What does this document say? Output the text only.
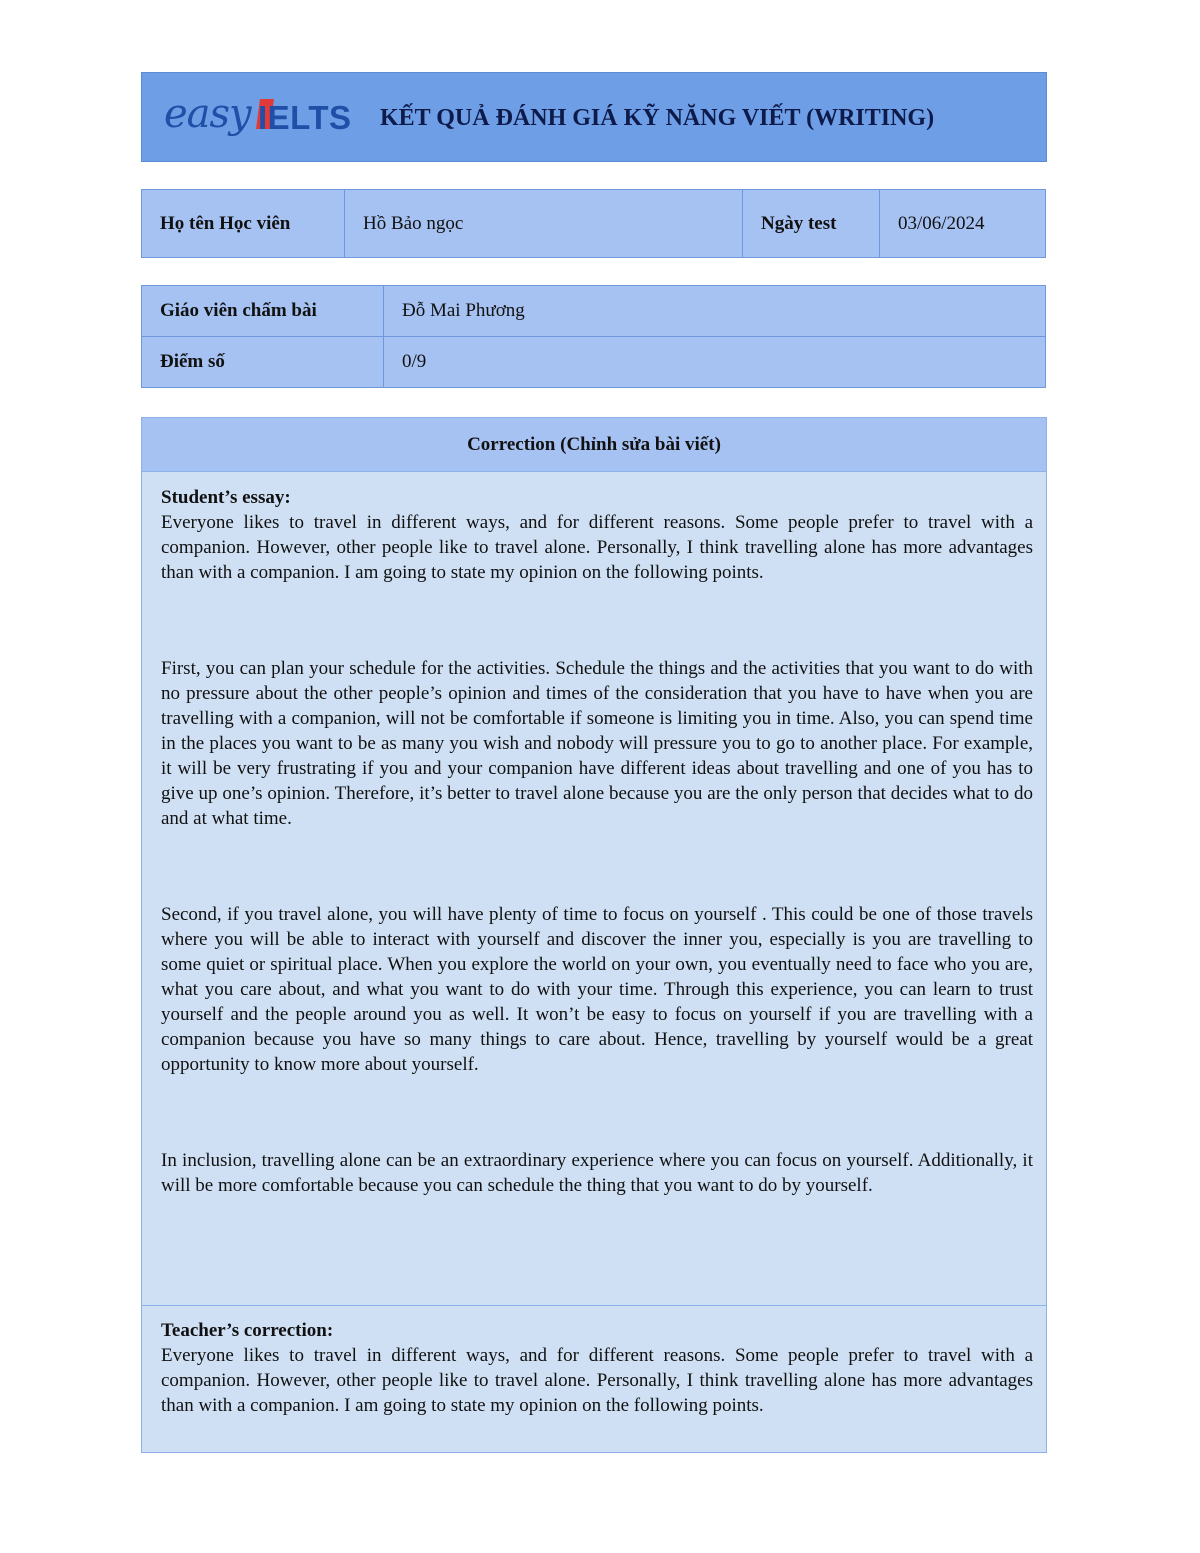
easy IELTS KẾT QUẢ ĐÁNH GIÁ KỸ NĂNG VIẾT (WRITING)
Họ tên Học viên	Hồ Bảo ngọc	Ngày test	03/06/2024
Giáo viên chấm bài	Đỗ Mai Phương
Điểm số	0/9
Correction (Chỉnh sửa bài viết)

Student’s essay:

Everyone likes to travel in different ways, and for different reasons. Some people prefer to travel with a companion. However, other people like to travel alone. Personally, I think travelling alone has more advantages than with a companion. I am going to state my opinion on the following points.

First, you can plan your schedule for the activities. Schedule the things and the activities that you want to do with no pressure about the other people’s opinion and times of the consideration that you have to have when you are travelling with a companion, will not be comfortable if someone is limiting you in time. Also, you can spend time in the places you want to be as many you wish and nobody will pressure you to go to another place. For example, it will be very frustrating if you and your companion have different ideas about travelling and one of you has to give up one’s opinion. Therefore, it’s better to travel alone because you are the only person that decides what to do and at what time.

Second, if you travel alone, you will have plenty of time to focus on yourself . This could be one of those travels where you will be able to interact with yourself and discover the inner you, especially is you are travelling to some quiet or spiritual place. When you explore the world on your own, you eventually need to face who you are, what you care about, and what you want to do with your time. Through this experience, you can learn to trust yourself and the people around you as well. It won’t be easy to focus on yourself if you are travelling with a companion because you have so many things to care about. Hence, travelling by yourself would be a great opportunity to know more about yourself.

In inclusion, travelling alone can be an extraordinary experience where you can focus on yourself. Additionally, it will be more comfortable because you can schedule the thing that you want to do by yourself.

Teacher’s correction:

Everyone likes to travel in different ways, and for different reasons. Some people prefer to travel with a companion. However, other people like to travel alone. Personally, I think travelling alone has more advantages than with a companion. I am going to state my opinion on the following points.
